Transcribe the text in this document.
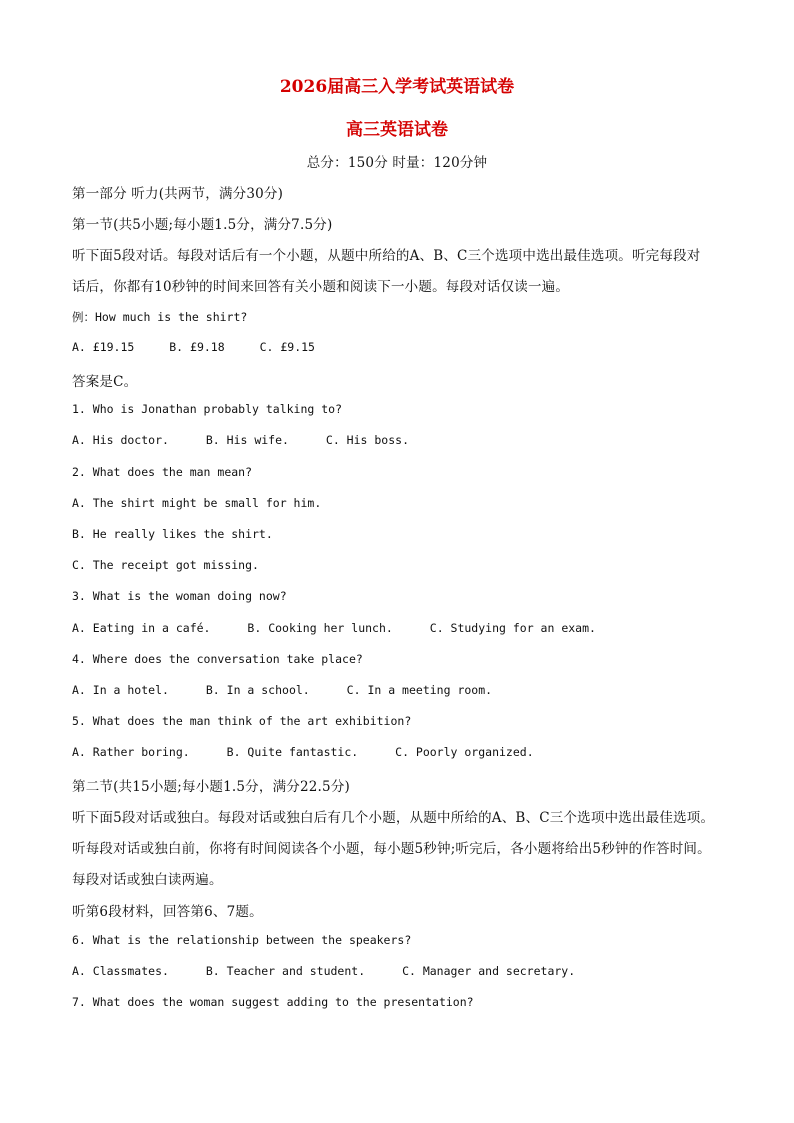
2026届高三入学考试英语试卷
高三英语试卷
总分：150分 时量：120分钟
第一部分 听力(共两节，满分30分)
第一节(共5小题;每小题1.5分，满分7.5分)
听下面5段对话。每段对话后有一个小题，从题中所给的A、B、C三个选项中选出最佳选项。听完每段对
话后，你都有10秒钟的时间来回答有关小题和阅读下一小题。每段对话仅读一遍。
例：How much is the shirt?
A. £19.15	B. £9.18	C. £9.15
答案是C。
1. Who is Jonathan probably talking to?
A. His doctor.	B. His wife.	C. His boss.
2. What does the man mean?
A. The shirt might be small for him.
B. He really likes the shirt.
C. The receipt got missing.
3. What is the woman doing now?
A. Eating in a café.	B. Cooking her lunch.	C. Studying for an exam.
4. Where does the conversation take place?
A. In a hotel.	B. In a school.	C. In a meeting room.
5. What does the man think of the art exhibition?
A. Rather boring.	B. Quite fantastic.	C. Poorly organized.
第二节(共15小题;每小题1.5分，满分22.5分)
听下面5段对话或独白。每段对话或独白后有几个小题，从题中所给的A、B、C三个选项中选出最佳选项。
听每段对话或独白前，你将有时间阅读各个小题，每小题5秒钟;听完后，各小题将给出5秒钟的作答时间。
每段对话或独白读两遍。
听第6段材料，回答第6、7题。
6. What is the relationship between the speakers?
A. Classmates.	B. Teacher and student.	C. Manager and secretary.
7. What does the woman suggest adding to the presentation?
